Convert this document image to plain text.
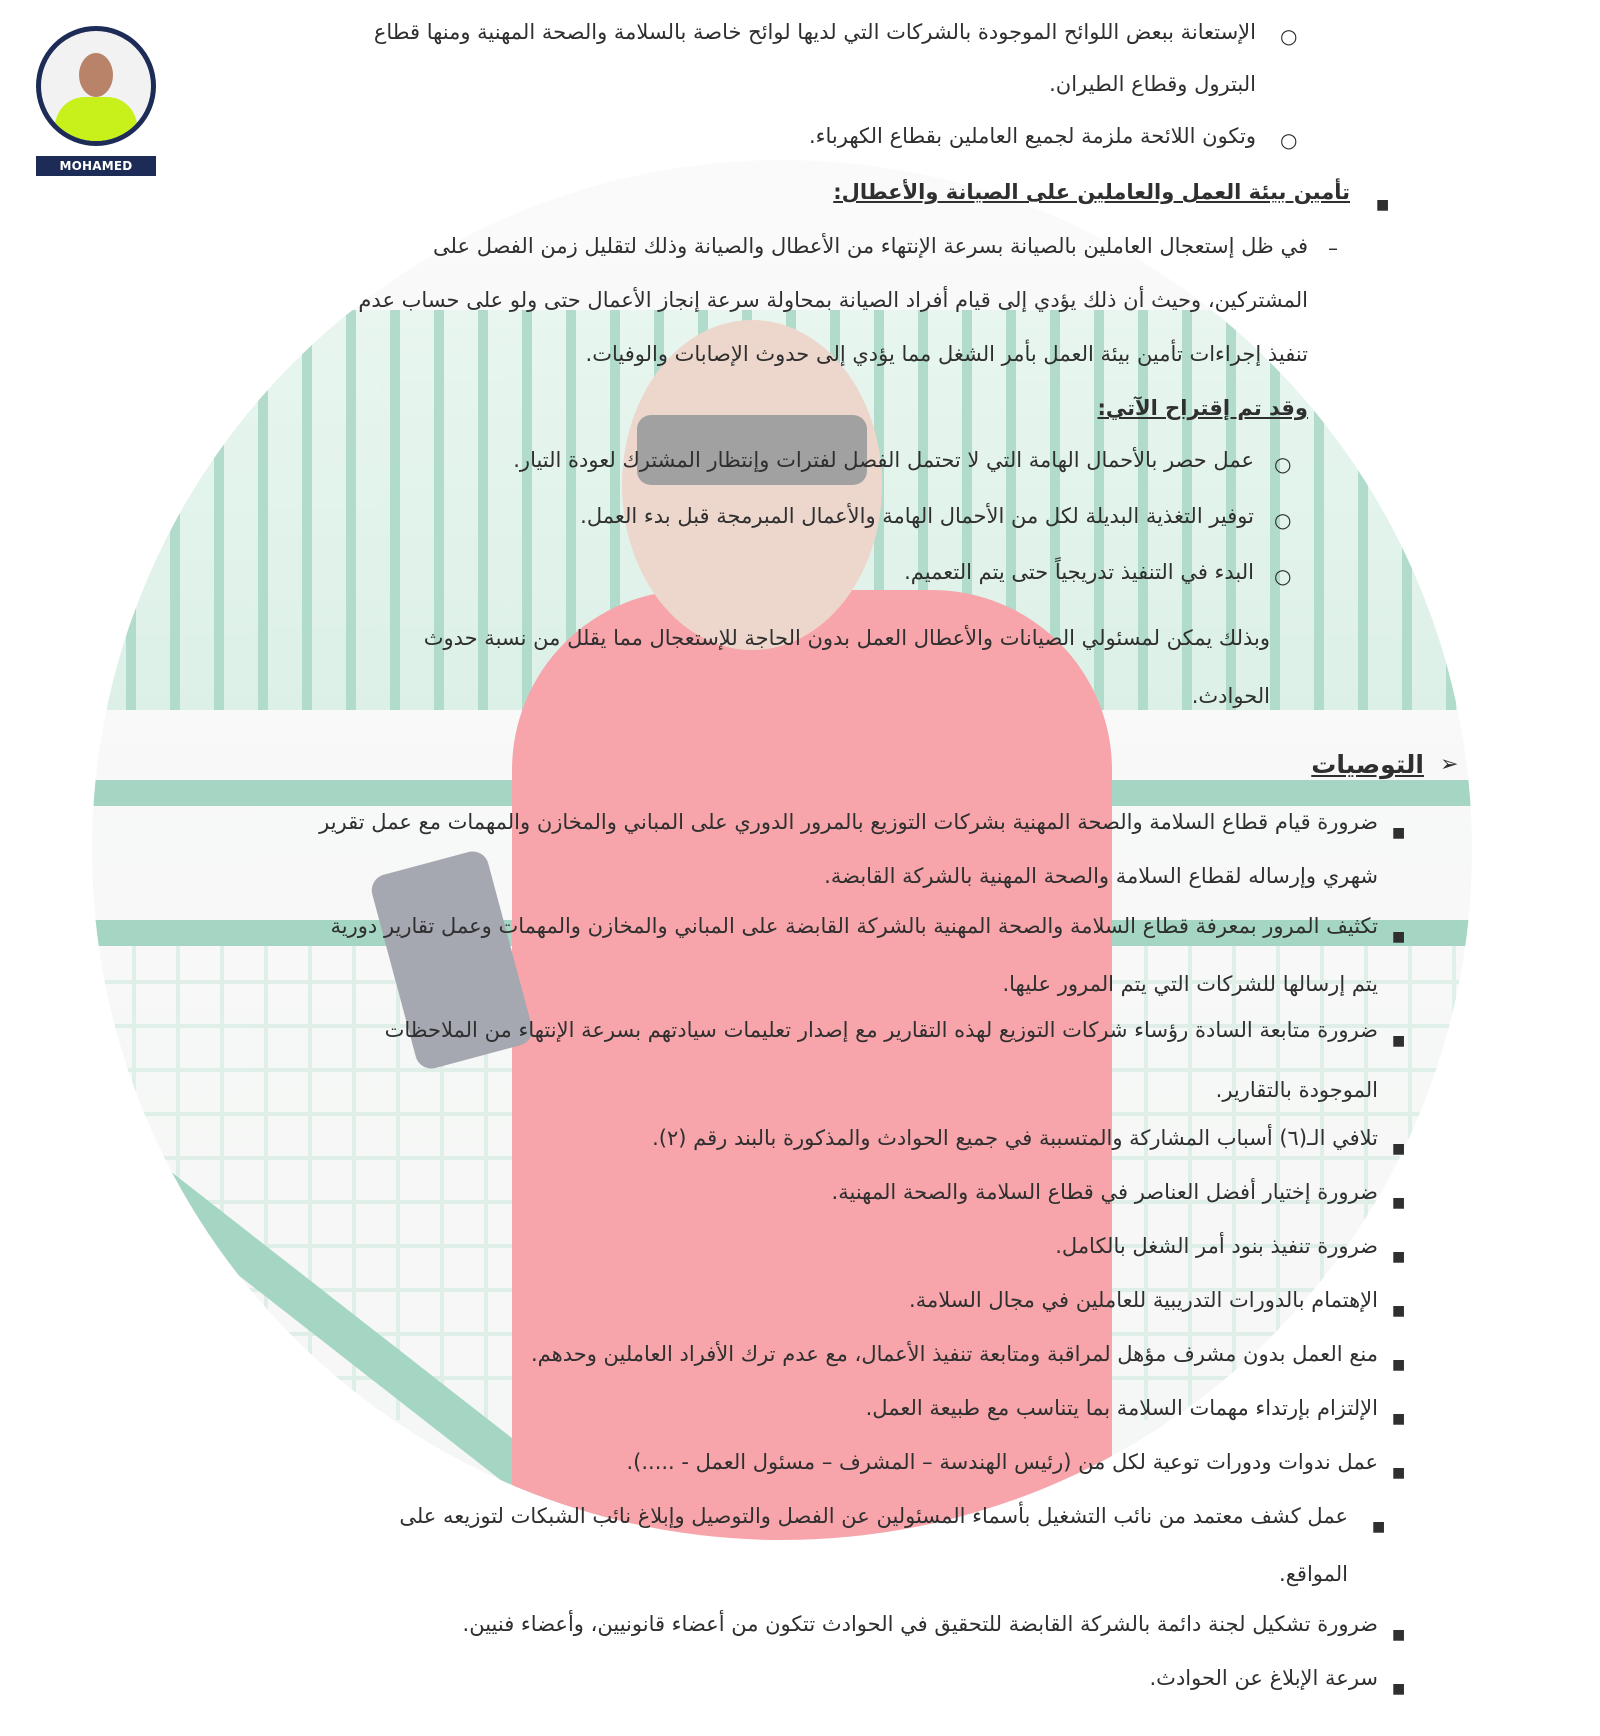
MOHAMED SALAH
○
الإستعانة ببعض اللوائح الموجودة بالشركات التي لديها لوائح خاصة بالسلامة والصحة المهنية ومنها قطاع
البترول وقطاع الطيران.
○
وتكون اللائحة ملزمة لجميع العاملين بقطاع الكهرباء.
■
تأمين بيئة العمل والعاملين على الصيانة والأعطال:
–
في ظل إستعجال العاملين بالصيانة بسرعة الإنتهاء من الأعطال والصيانة وذلك لتقليل زمن الفصل على
المشتركين، وحيث أن ذلك يؤدي إلى قيام أفراد الصيانة بمحاولة سرعة إنجاز الأعمال حتى ولو على حساب عدم
تنفيذ إجراءات تأمين بيئة العمل بأمر الشغل مما يؤدي إلى حدوث الإصابات والوفيات.
وقد تم إقتراح الآتي:
○
عمل حصر بالأحمال الهامة التي لا تحتمل الفصل لفترات وإنتظار المشترك لعودة التيار.
○
توفير التغذية البديلة لكل من الأحمال الهامة والأعمال المبرمجة قبل بدء العمل.
○
البدء في التنفيذ تدريجياً حتى يتم التعميم.
وبذلك يمكن لمسئولي الصيانات والأعطال العمل بدون الحاجة للإستعجال مما يقلل من نسبة حدوث
الحوادث.
➢
التوصيات
■
ضرورة قيام قطاع السلامة والصحة المهنية بشركات التوزيع بالمرور الدوري على المباني والمخازن والمهمات مع عمل تقرير
شهري وإرساله لقطاع السلامة والصحة المهنية بالشركة القابضة.
■
تكثيف المرور بمعرفة قطاع السلامة والصحة المهنية بالشركة القابضة على المباني والمخازن والمهمات وعمل تقارير دورية
يتم إرسالها للشركات التي يتم المرور عليها.
■
ضرورة متابعة السادة رؤساء شركات التوزيع لهذه التقارير مع إصدار تعليمات سيادتهم بسرعة الإنتهاء من الملاحظات
الموجودة بالتقارير.
■
تلافي الـ(٦) أسباب المشاركة والمتسببة في جميع الحوادث والمذكورة بالبند رقم (٢).
■
ضرورة إختيار أفضل العناصر في قطاع السلامة والصحة المهنية.
■
ضرورة تنفيذ بنود أمر الشغل بالكامل.
■
الإهتمام بالدورات التدريبية للعاملين في مجال السلامة.
■
منع العمل بدون مشرف مؤهل لمراقبة ومتابعة تنفيذ الأعمال، مع عدم ترك الأفراد العاملين وحدهم.
■
الإلتزام بإرتداء مهمات السلامة بما يتناسب مع طبيعة العمل.
■
عمل ندوات ودورات توعية لكل من (رئيس الهندسة – المشرف – مسئول العمل - .....).
■
عمل كشف معتمد من نائب التشغيل بأسماء المسئولين عن الفصل والتوصيل وإبلاغ نائب الشبكات لتوزيعه على
المواقع.
■
ضرورة تشكيل لجنة دائمة بالشركة القابضة للتحقيق في الحوادث تتكون من أعضاء قانونيين، وأعضاء فنيين.
■
سرعة الإبلاغ عن الحوادث.
